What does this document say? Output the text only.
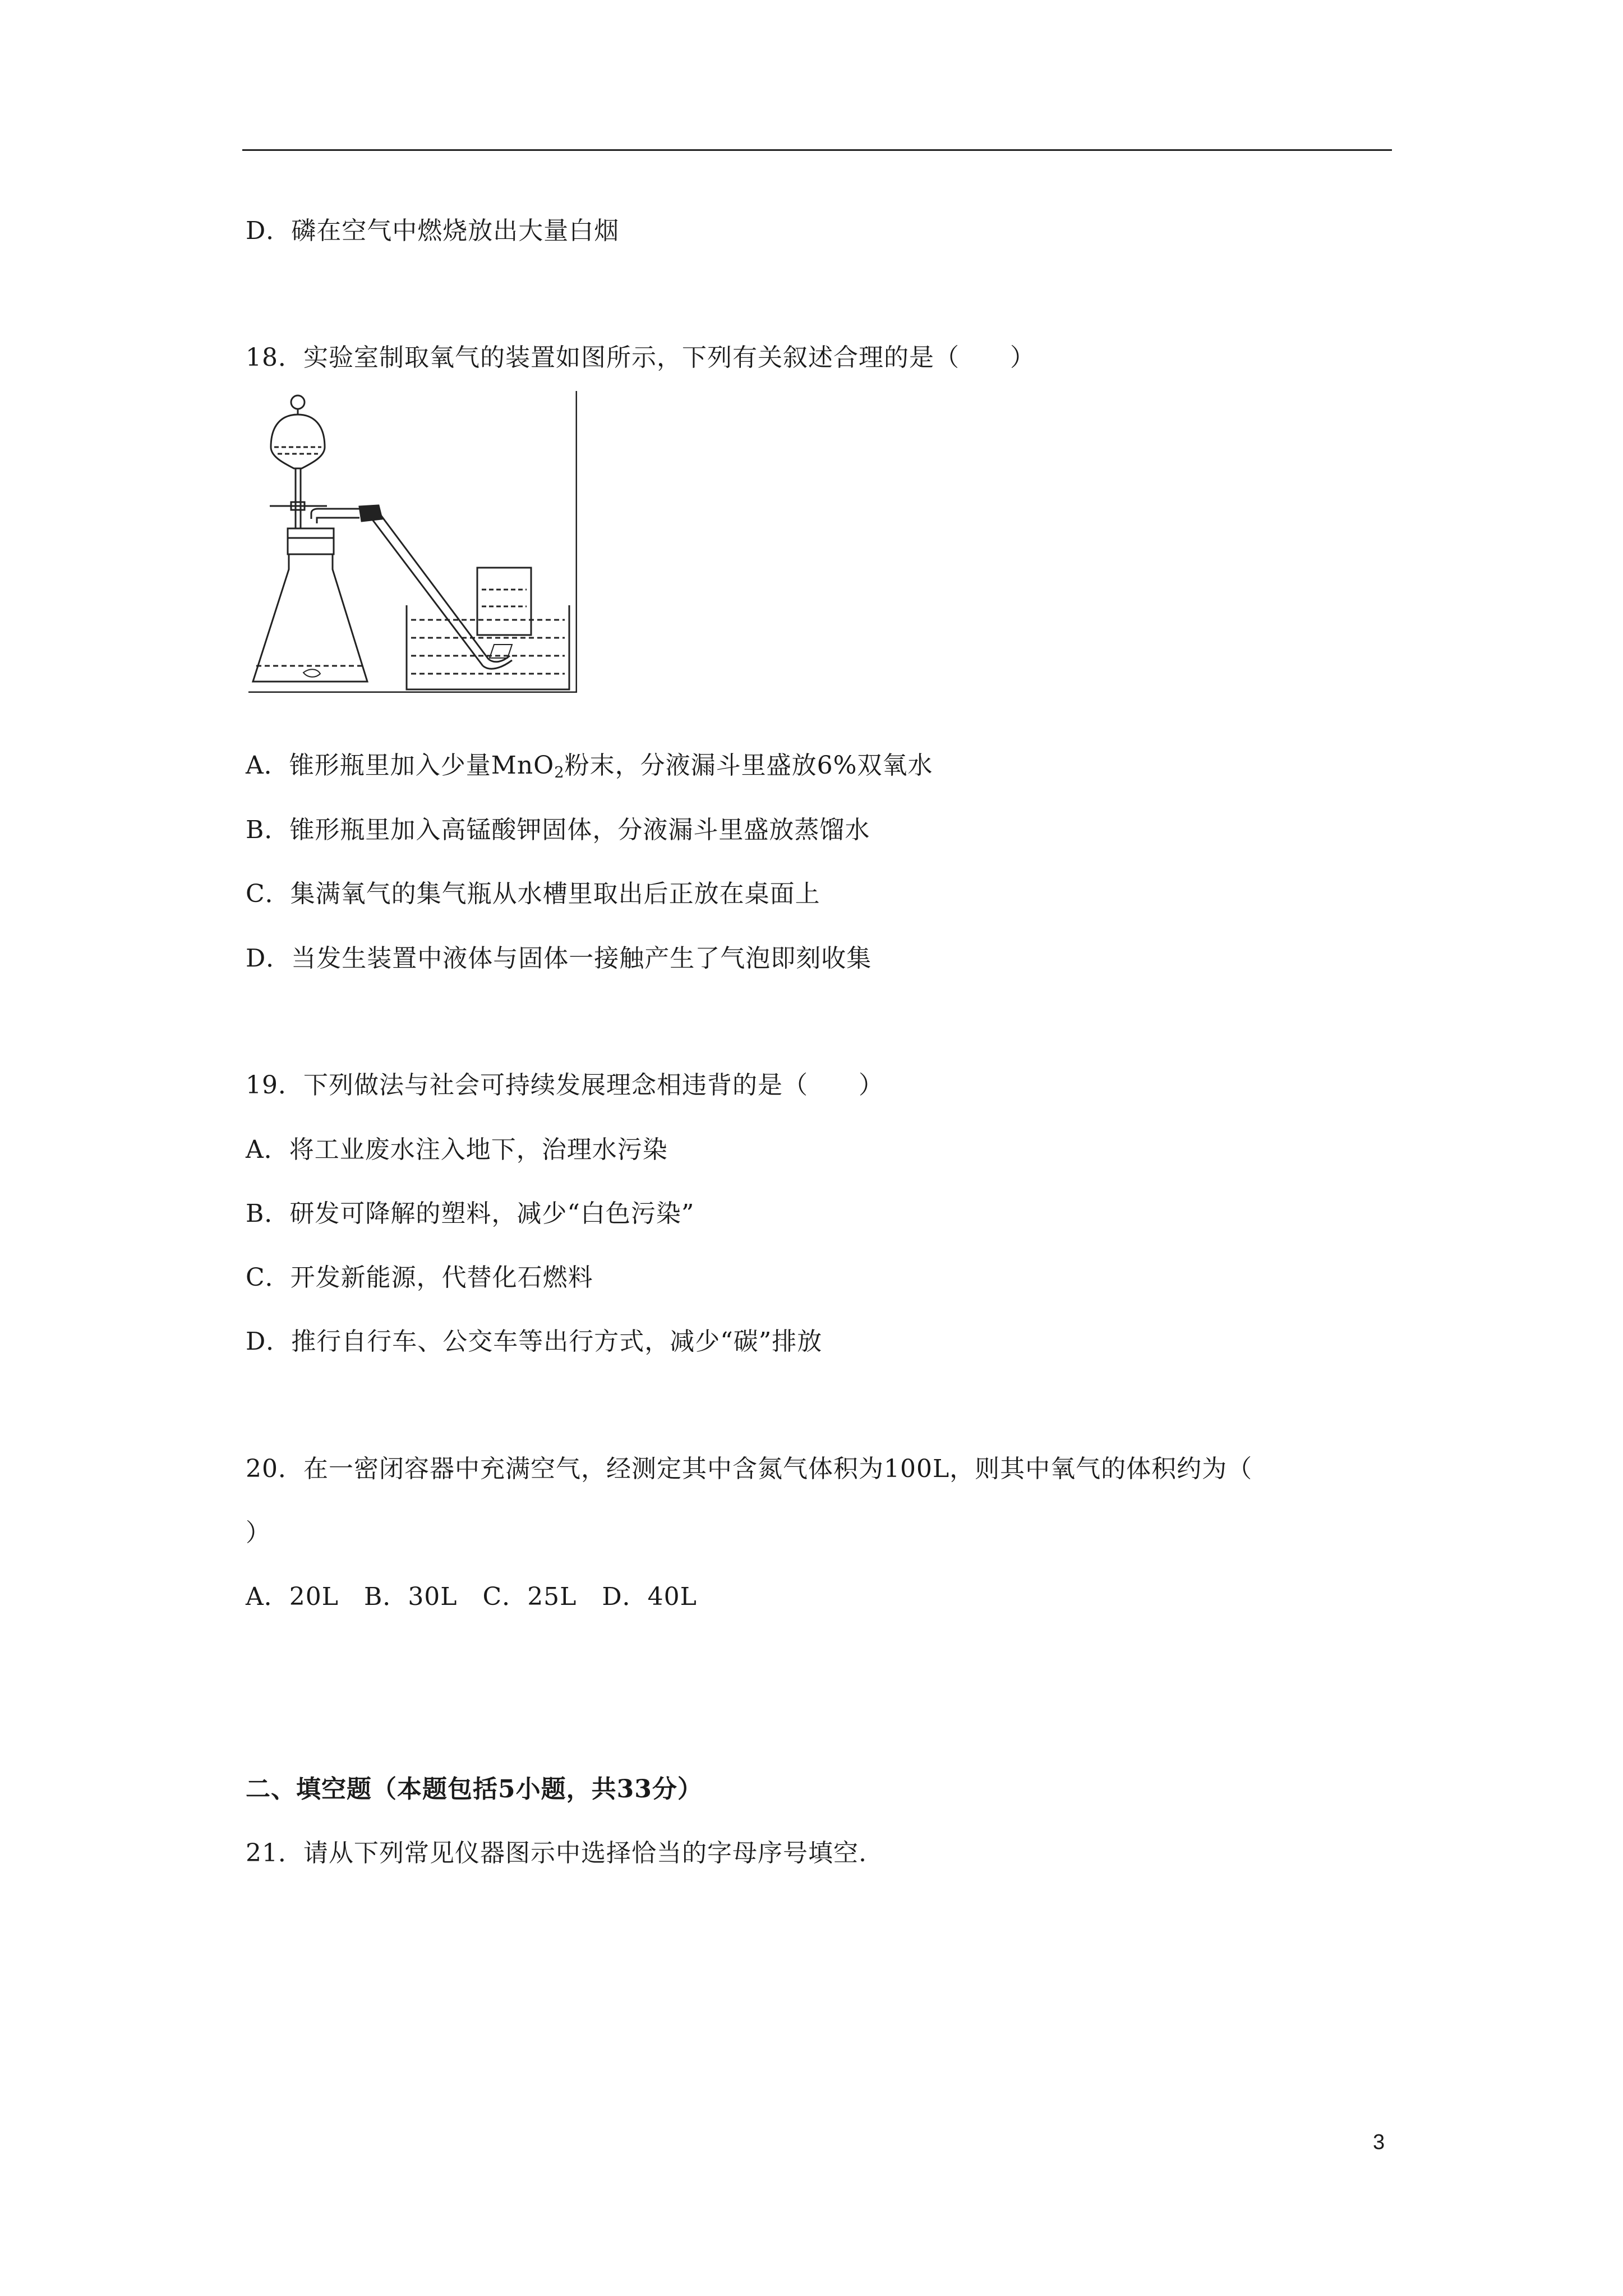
D．磷在空气中燃烧放出大量白烟
18．实验室制取氧气的装置如图所示，下列有关叙述合理的是（　　）
A．锥形瓶里加入少量MnO$_2$粉末，分液漏斗里盛放6%双氧水
B．锥形瓶里加入高锰酸钾固体，分液漏斗里盛放蒸馏水
C．集满氧气的集气瓶从水槽里取出后正放在桌面上
D．当发生装置中液体与固体一接触产生了气泡即刻收集
19．下列做法与社会可持续发展理念相违背的是（　　）
A．将工业废水注入地下，治理水污染
B．研发可降解的塑料，减少“白色污染”
C．开发新能源，代替化石燃料
D．推行自行车、公交车等出行方式，减少“碳”排放
20．在一密闭容器中充满空气，经测定其中含氮气体积为100L，则其中氧气的体积约为（
）
A．20L　B．30L　C．25L　D．40L
二、填空题（本题包括5小题，共33分）
21．请从下列常见仪器图示中选择恰当的字母序号填空.
3
